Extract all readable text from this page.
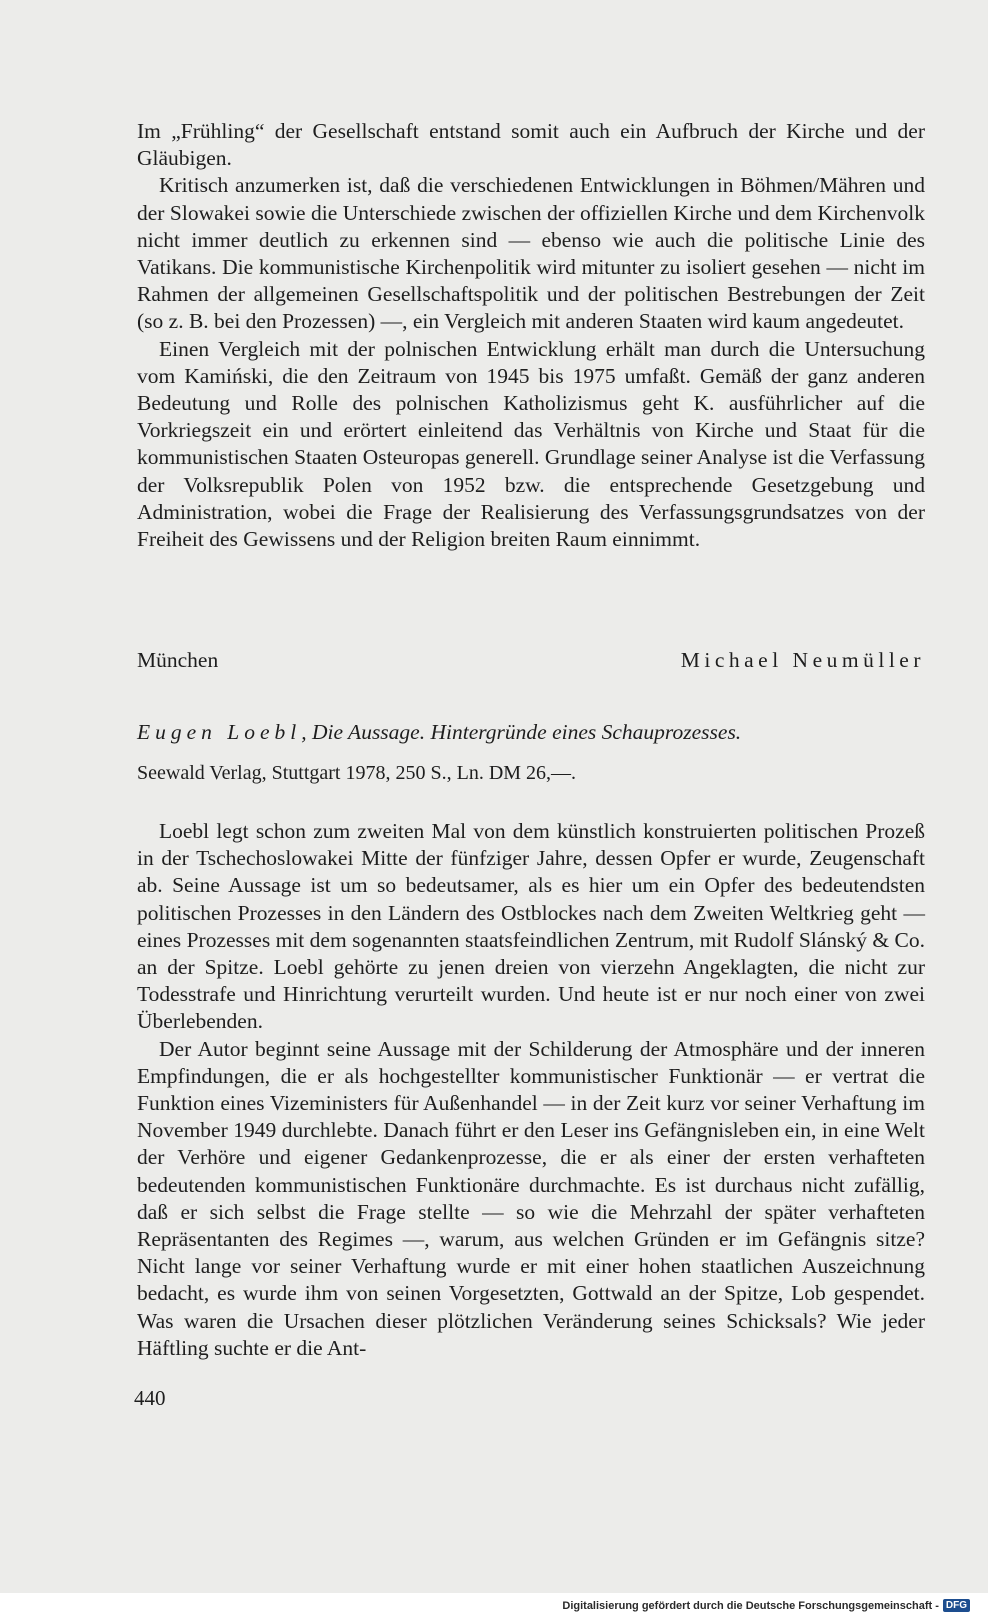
Im „Frühling“ der Gesellschaft entstand somit auch ein Aufbruch der Kirche und der Gläubigen.

Kritisch anzumerken ist, daß die verschiedenen Entwicklungen in Böhmen/Mähren und der Slowakei sowie die Unterschiede zwischen der offiziellen Kirche und dem Kirchenvolk nicht immer deutlich zu erkennen sind — ebenso wie auch die politische Linie des Vatikans. Die kommunistische Kirchenpolitik wird mitunter zu isoliert gesehen — nicht im Rahmen der allgemeinen Gesellschaftspolitik und der politischen Bestrebungen der Zeit (so z. B. bei den Prozessen) —, ein Vergleich mit anderen Staaten wird kaum angedeutet.

Einen Vergleich mit der polnischen Entwicklung erhält man durch die Untersuchung vom Kamiński, die den Zeitraum von 1945 bis 1975 umfaßt. Gemäß der ganz anderen Bedeutung und Rolle des polnischen Katholizismus geht K. ausführlicher auf die Vorkriegszeit ein und erörtert einleitend das Verhältnis von Kirche und Staat für die kommunistischen Staaten Osteuropas generell. Grundlage seiner Analyse ist die Verfassung der Volksrepublik Polen von 1952 bzw. die entsprechende Gesetzgebung und Administration, wobei die Frage der Realisierung des Verfassungsgrundsatzes von der Freiheit des Gewissens und der Religion breiten Raum einnimmt.

München	Michael Neumüller
Eugen Loebl, Die Aussage. Hintergründe eines Schauprozesses.
Seewald Verlag, Stuttgart 1978, 250 S., Ln. DM 26,—.

Loebl legt schon zum zweiten Mal von dem künstlich konstruierten politischen Prozeß in der Tschechoslowakei Mitte der fünfziger Jahre, dessen Opfer er wurde, Zeugenschaft ab. Seine Aussage ist um so bedeutsamer, als es hier um ein Opfer des bedeutendsten politischen Prozesses in den Ländern des Ostblockes nach dem Zweiten Weltkrieg geht — eines Prozesses mit dem sogenannten staatsfeindlichen Zentrum, mit Rudolf Slánský & Co. an der Spitze. Loebl gehörte zu jenen dreien von vierzehn Angeklagten, die nicht zur Todesstrafe und Hinrichtung verurteilt wurden. Und heute ist er nur noch einer von zwei Überlebenden.

Der Autor beginnt seine Aussage mit der Schilderung der Atmosphäre und der inneren Empfindungen, die er als hochgestellter kommunistischer Funktionär — er vertrat die Funktion eines Vizeministers für Außenhandel — in der Zeit kurz vor seiner Verhaftung im November 1949 durchlebte. Danach führt er den Leser ins Gefängnisleben ein, in eine Welt der Verhöre und eigener Gedankenprozesse, die er als einer der ersten verhafteten bedeutenden kommunistischen Funktionäre durchmachte. Es ist durchaus nicht zufällig, daß er sich selbst die Frage stellte — so wie die Mehrzahl der später verhafteten Repräsentanten des Regimes —, warum, aus welchen Gründen er im Gefängnis sitze? Nicht lange vor seiner Verhaftung wurde er mit einer hohen staatlichen Auszeichnung bedacht, es wurde ihm von seinen Vorgesetzten, Gottwald an der Spitze, Lob gespendet. Was waren die Ursachen dieser plötzlichen Veränderung seines Schicksals? Wie jeder Häftling suchte er die Ant-

440
Digitalisierung gefördert durch die Deutsche Forschungsgemeinschaft - DFG
